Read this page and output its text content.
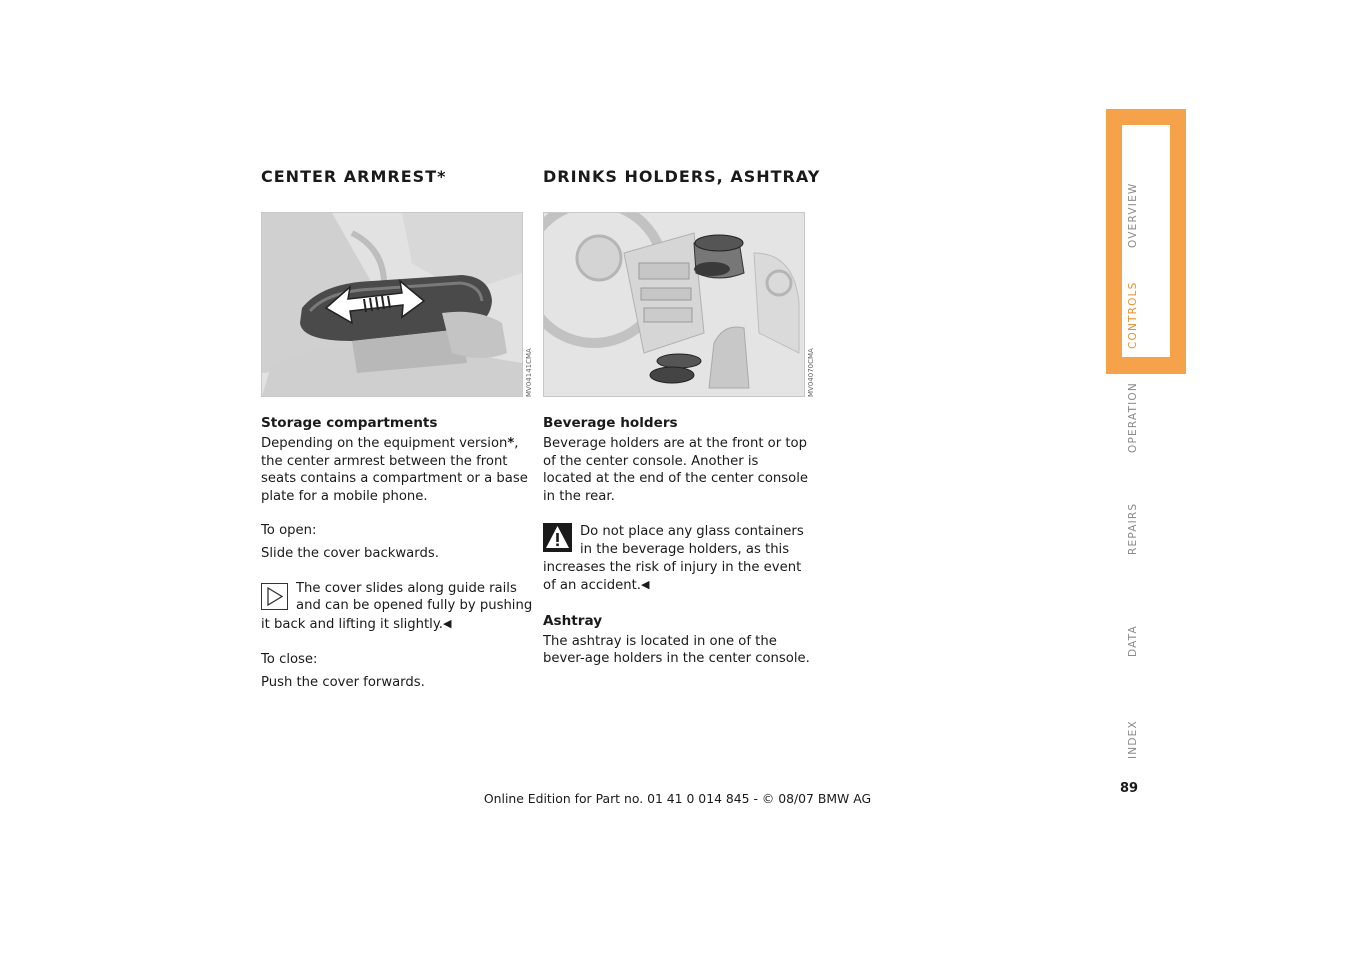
CENTER ARMREST*
MV04141CMA
Storage compartments

Depending on the equipment version*, the center armrest between the front seats contains a compartment or a base plate for a mobile phone.

To open:

Slide the cover backwards.

The cover slides along guide rails and can be opened fully by pushing it back and lifting it slightly.◀

To close:

Push the cover forwards.

DRINKS HOLDERS, ASHTRAY
MV04070CMA
Beverage holders

Beverage holders are at the front or top of the center console. Another is located at the end of the center console in the rear.

Do not place any glass containers in the beverage holders, as this increases the risk of injury in the event of an accident.◀
Ashtray

The ashtray is located in one of the bever-age holders in the center console.

OVERVIEW
CONTROLS
OPERATION
REPAIRS
DATA
INDEX
89
Online Edition for Part no. 01 41 0 014 845 - © 08/07 BMW AG
